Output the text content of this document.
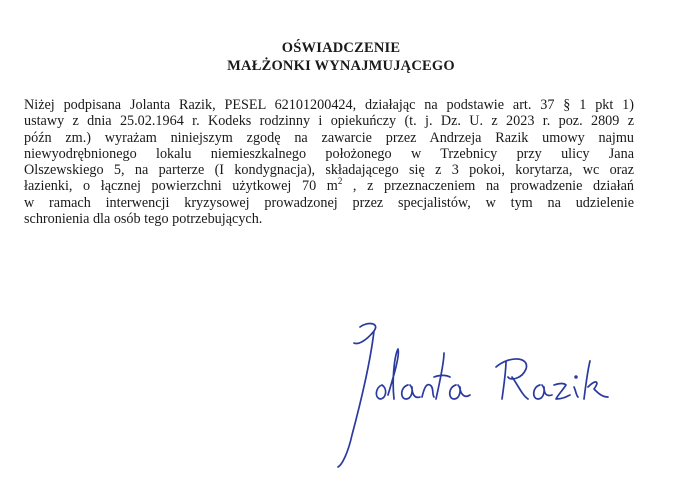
OŚWIADCZENIE
MAŁŻONKI WYNAJMUJĄCEGO
Niżej podpisana Jolanta Razik, PESEL 62101200424, działając na podstawie art. 37 § 1 pkt 1)
ustawy z dnia 25.02.1964 r. Kodeks rodzinny i opiekuńczy (t. j. Dz. U. z 2023 r. poz. 2809 z
późn zm.) wyrażam niniejszym zgodę na zawarcie przez Andrzeja Razik umowy najmu
niewyodrębnionego lokalu niemieszkalnego położonego w Trzebnicy przy ulicy Jana
Olszewskiego 5, na parterze (I kondygnacja), składającego się z 3 pokoi, korytarza, wc oraz
łazienki, o łącznej powierzchni użytkowej 70 $m^2$ , z przeznaczeniem na prowadzenie działań
w ramach interwencji kryzysowej prowadzonej przez specjalistów, w tym na udzielenie
schronienia dla osób tego potrzebujących.
